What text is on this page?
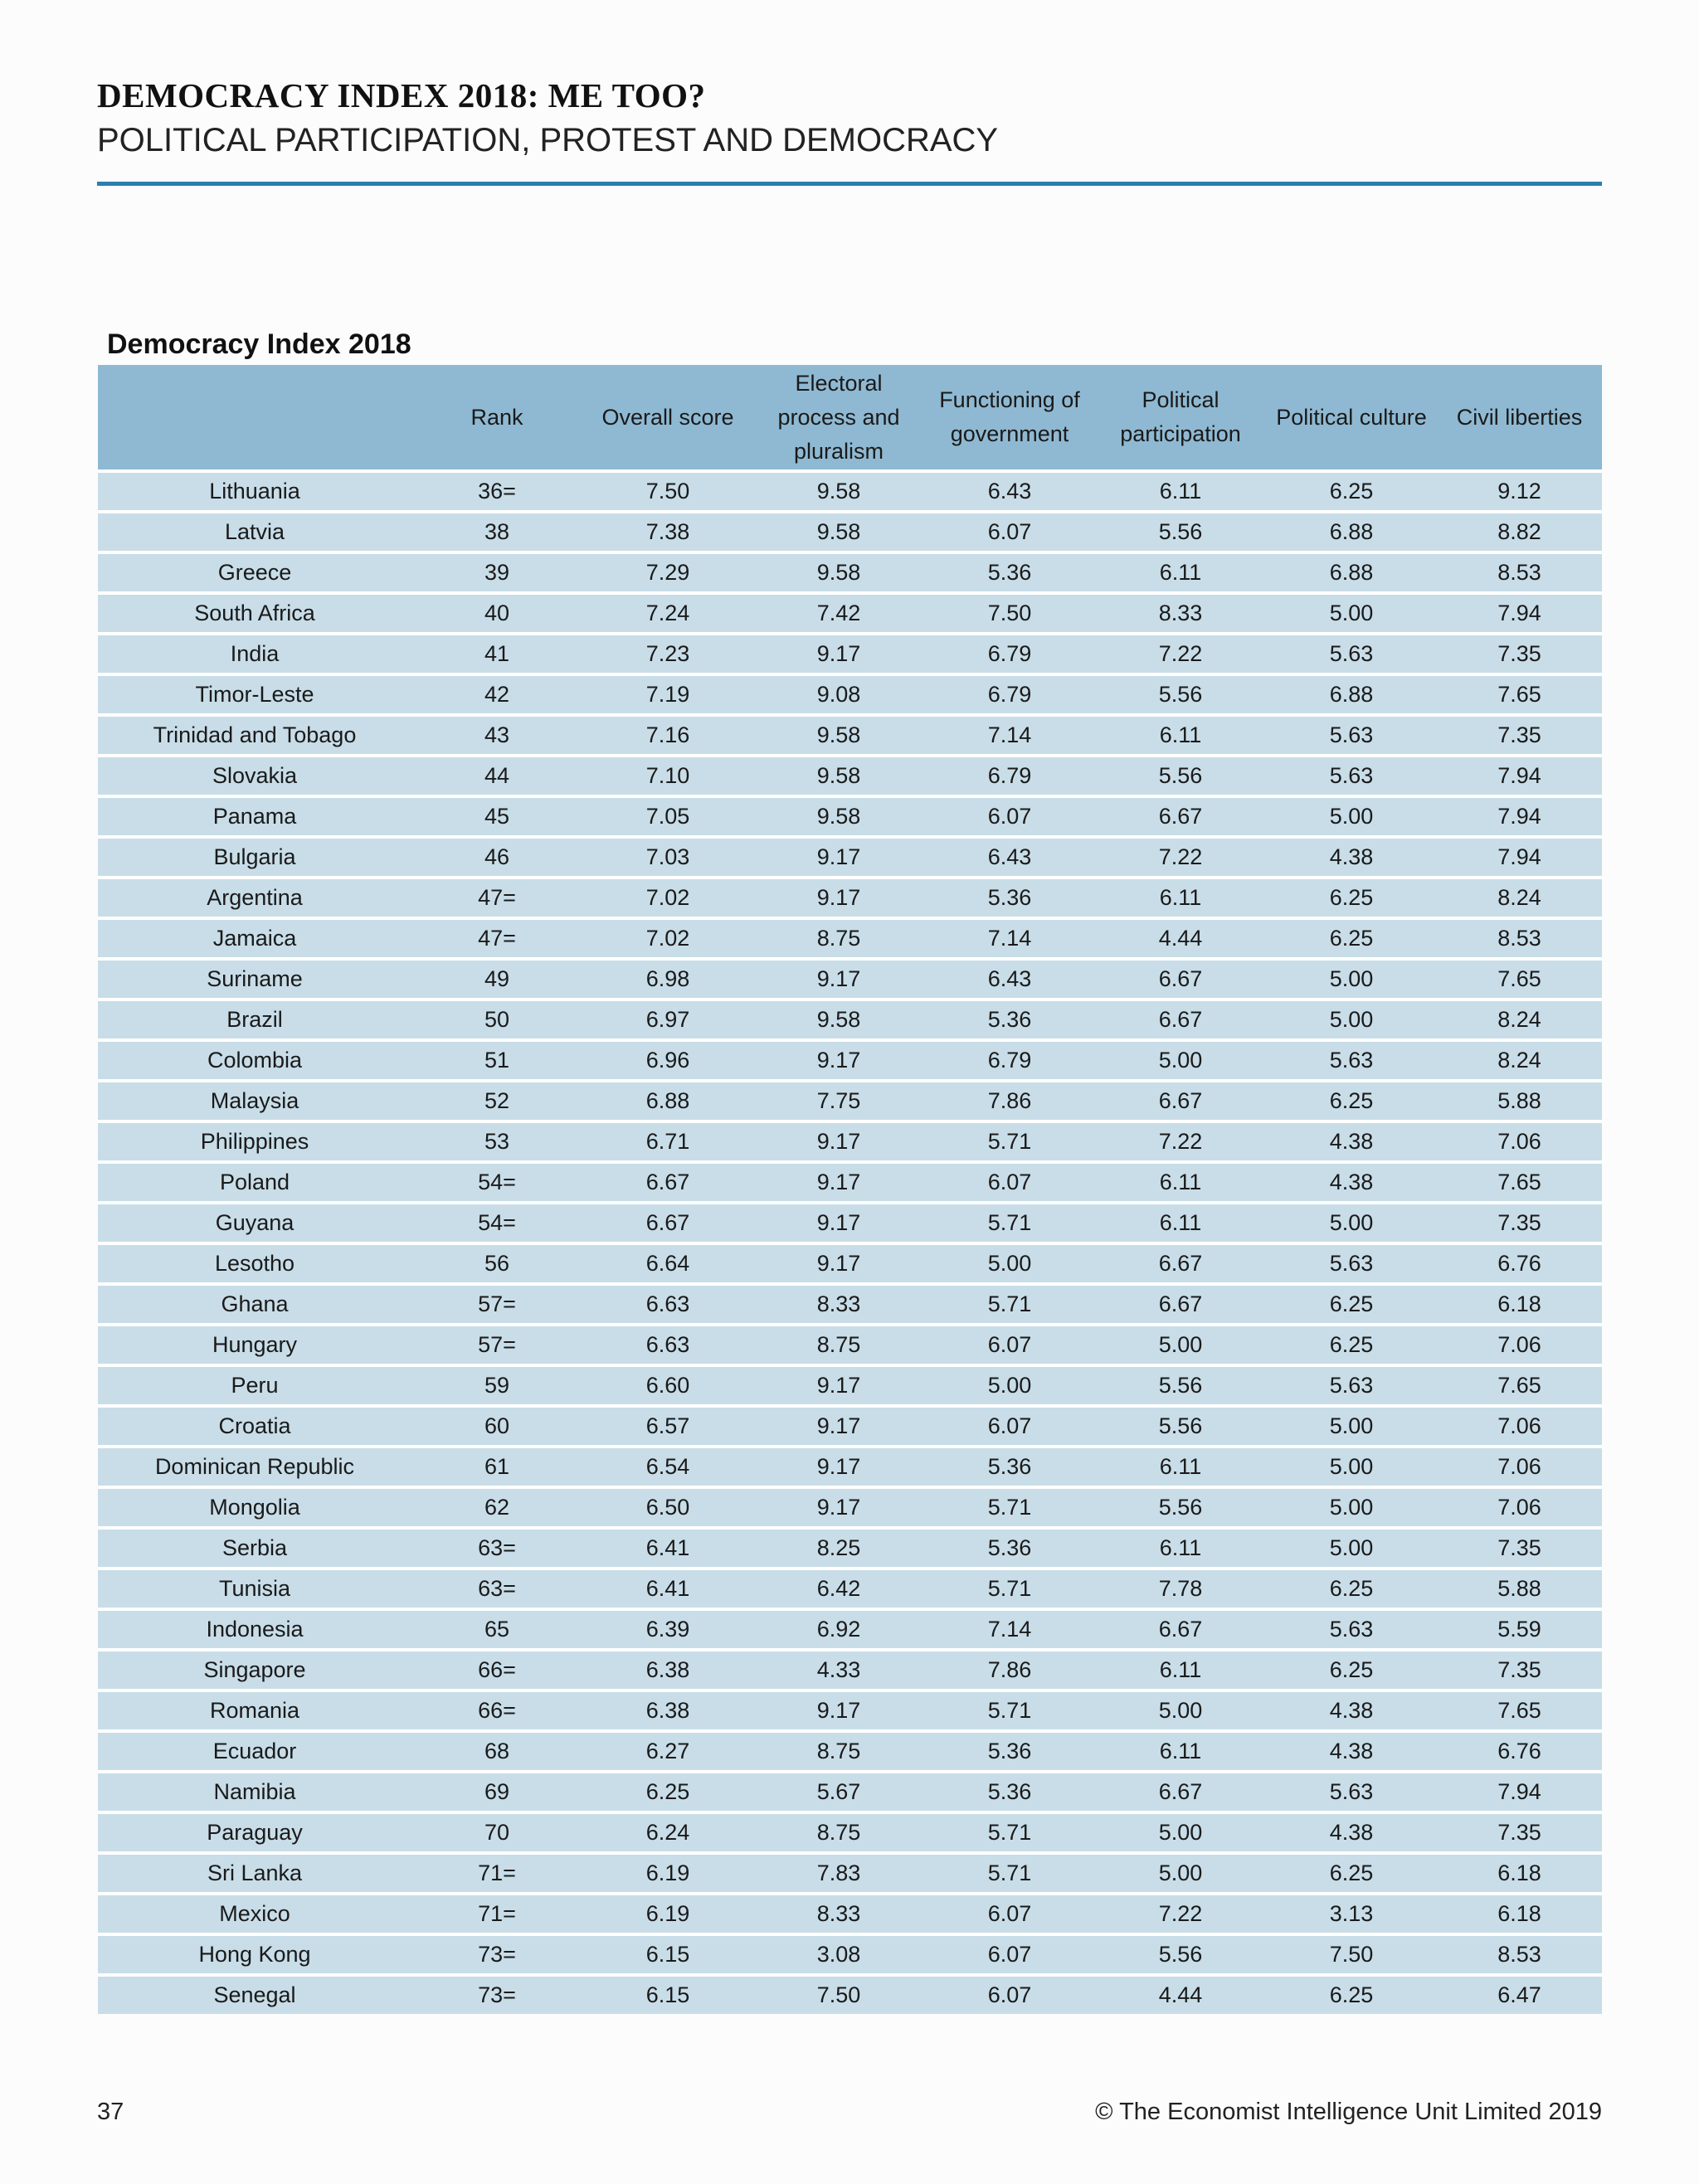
DEMOCRACY INDEX 2018: ME TOO?
POLITICAL PARTICIPATION, PROTEST AND DEMOCRACY
Democracy Index 2018
	Rank	Overall score	Electoral process and pluralism	Functioning of government	Political participation	Political culture	Civil liberties
Lithuania	36=	7.50	9.58	6.43	6.11	6.25	9.12
Latvia	38	7.38	9.58	6.07	5.56	6.88	8.82
Greece	39	7.29	9.58	5.36	6.11	6.88	8.53
South Africa	40	7.24	7.42	7.50	8.33	5.00	7.94
India	41	7.23	9.17	6.79	7.22	5.63	7.35
Timor-Leste	42	7.19	9.08	6.79	5.56	6.88	7.65
Trinidad and Tobago	43	7.16	9.58	7.14	6.11	5.63	7.35
Slovakia	44	7.10	9.58	6.79	5.56	5.63	7.94
Panama	45	7.05	9.58	6.07	6.67	5.00	7.94
Bulgaria	46	7.03	9.17	6.43	7.22	4.38	7.94
Argentina	47=	7.02	9.17	5.36	6.11	6.25	8.24
Jamaica	47=	7.02	8.75	7.14	4.44	6.25	8.53
Suriname	49	6.98	9.17	6.43	6.67	5.00	7.65
Brazil	50	6.97	9.58	5.36	6.67	5.00	8.24
Colombia	51	6.96	9.17	6.79	5.00	5.63	8.24
Malaysia	52	6.88	7.75	7.86	6.67	6.25	5.88
Philippines	53	6.71	9.17	5.71	7.22	4.38	7.06
Poland	54=	6.67	9.17	6.07	6.11	4.38	7.65
Guyana	54=	6.67	9.17	5.71	6.11	5.00	7.35
Lesotho	56	6.64	9.17	5.00	6.67	5.63	6.76
Ghana	57=	6.63	8.33	5.71	6.67	6.25	6.18
Hungary	57=	6.63	8.75	6.07	5.00	6.25	7.06
Peru	59	6.60	9.17	5.00	5.56	5.63	7.65
Croatia	60	6.57	9.17	6.07	5.56	5.00	7.06
Dominican Republic	61	6.54	9.17	5.36	6.11	5.00	7.06
Mongolia	62	6.50	9.17	5.71	5.56	5.00	7.06
Serbia	63=	6.41	8.25	5.36	6.11	5.00	7.35
Tunisia	63=	6.41	6.42	5.71	7.78	6.25	5.88
Indonesia	65	6.39	6.92	7.14	6.67	5.63	5.59
Singapore	66=	6.38	4.33	7.86	6.11	6.25	7.35
Romania	66=	6.38	9.17	5.71	5.00	4.38	7.65
Ecuador	68	6.27	8.75	5.36	6.11	4.38	6.76
Namibia	69	6.25	5.67	5.36	6.67	5.63	7.94
Paraguay	70	6.24	8.75	5.71	5.00	4.38	7.35
Sri Lanka	71=	6.19	7.83	5.71	5.00	6.25	6.18
Mexico	71=	6.19	8.33	6.07	7.22	3.13	6.18
Hong Kong	73=	6.15	3.08	6.07	5.56	7.50	8.53
Senegal	73=	6.15	7.50	6.07	4.44	6.25	6.47
37	© The Economist Intelligence Unit Limited 2019
